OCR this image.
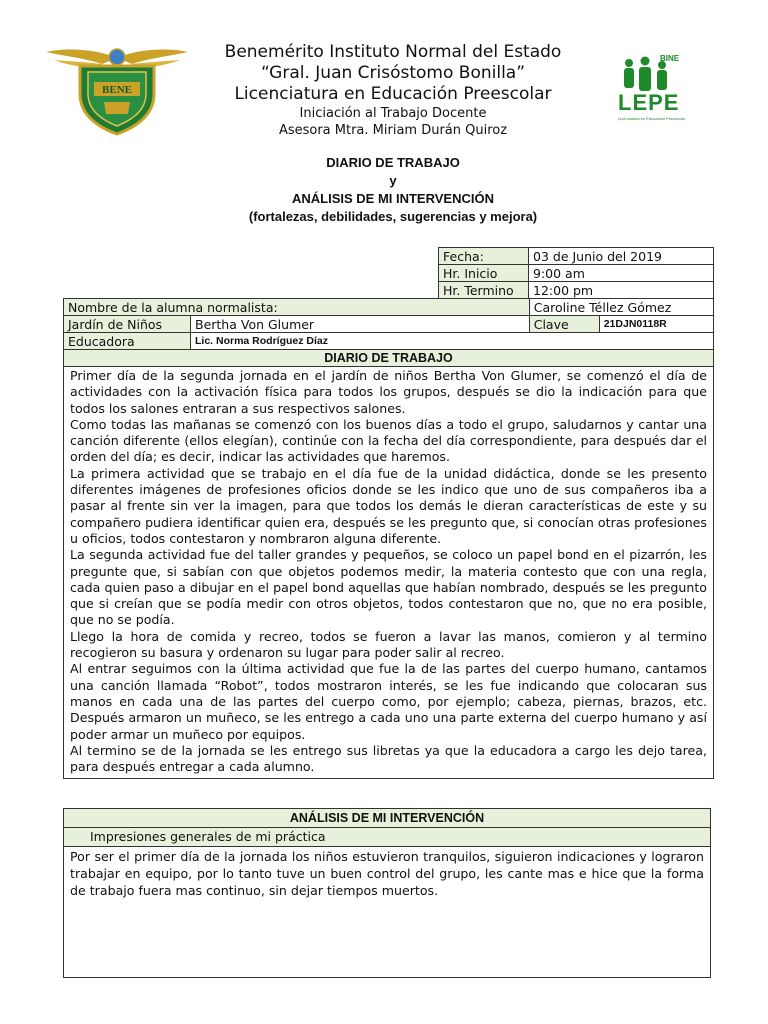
BENE
BINE
LEPE
Licenciatura en Educación Preescolar
Benemérito Instituto Normal del Estado
“Gral. Juan Crisóstomo Bonilla”
Licenciatura en Educación Preescolar
Iniciación al Trabajo Docente
Asesora Mtra. Miriam Durán Quiroz
DIARIO DE TRABAJO
y
ANÁLISIS DE MI INTERVENCIÓN
(fortalezas, debilidades, sugerencias y mejora)
Fecha:	03 de Junio del 2019
Hr. Inicio	9:00 am
Hr. Termino	12:00 pm
Nombre de la alumna normalista:		Caroline Téllez Gómez	
Jardín de Niños	Bertha Von Glumer	Clave	21DJN0118R
Educadora	Lic. Norma Rodríguez Díaz		
DIARIO DE TRABAJO

Primer día de la segunda jornada en el jardín de niños Bertha Von Glumer, se comenzó el día de actividades con la activación física para todos los grupos, después se dio la indicación para que todos los salones entraran a sus respectivos salones.

Como todas las mañanas se comenzó con los buenos días a todo el grupo, saludarnos y cantar una canción diferente (ellos elegían), continúe con la fecha del día correspondiente, para después dar el orden del día; es decir, indicar las actividades que haremos.

La primera actividad que se trabajo en el día fue de la unidad didáctica, donde se les presento diferentes imágenes de profesiones oficios donde se les indico que uno de sus compañeros iba a pasar al frente sin ver la imagen, para que todos los demás le dieran características de este y su compañero pudiera identificar quien era, después se les pregunto que, si conocían otras profesiones u oficios, todos contestaron y nombraron alguna diferente.

La segunda actividad fue del taller grandes y pequeños, se coloco un papel bond en el pizarrón, les pregunte que, si sabían con que objetos podemos medir, la materia contesto que con una regla, cada quien paso a dibujar en el papel bond aquellas que habían nombrado, después se les pregunto que si creían que se podía medir con otros objetos, todos contestaron que no, que no era posible, que no se podía.

Llego la hora de comida y recreo, todos se fueron a lavar las manos, comieron y al termino recogieron su basura y ordenaron su lugar para poder salir al recreo.

Al entrar seguimos con la última actividad que fue la de las partes del cuerpo humano, cantamos una canción llamada “Robot”, todos mostraron interés, se les fue indicando que colocaran sus manos en cada una de las partes del cuerpo como, por ejemplo; cabeza, piernas, brazos, etc. Después armaron un muñeco, se les entrego a cada uno una parte externa del cuerpo humano y así poder armar un muñeco por equipos.

Al termino se de la jornada se les entrego sus libretas ya que la educadora a cargo les dejo tarea, para después entregar a cada alumno.

ANÁLISIS DE MI INTERVENCIÓN
Impresiones generales de mi práctica
Por ser el primer día de la jornada los niños estuvieron tranquilos, siguieron indicaciones y lograron trabajar en equipo, por lo tanto tuve un buen control del grupo, les cante mas e hice que la forma de trabajo fuera mas continuo, sin dejar tiempos muertos.
